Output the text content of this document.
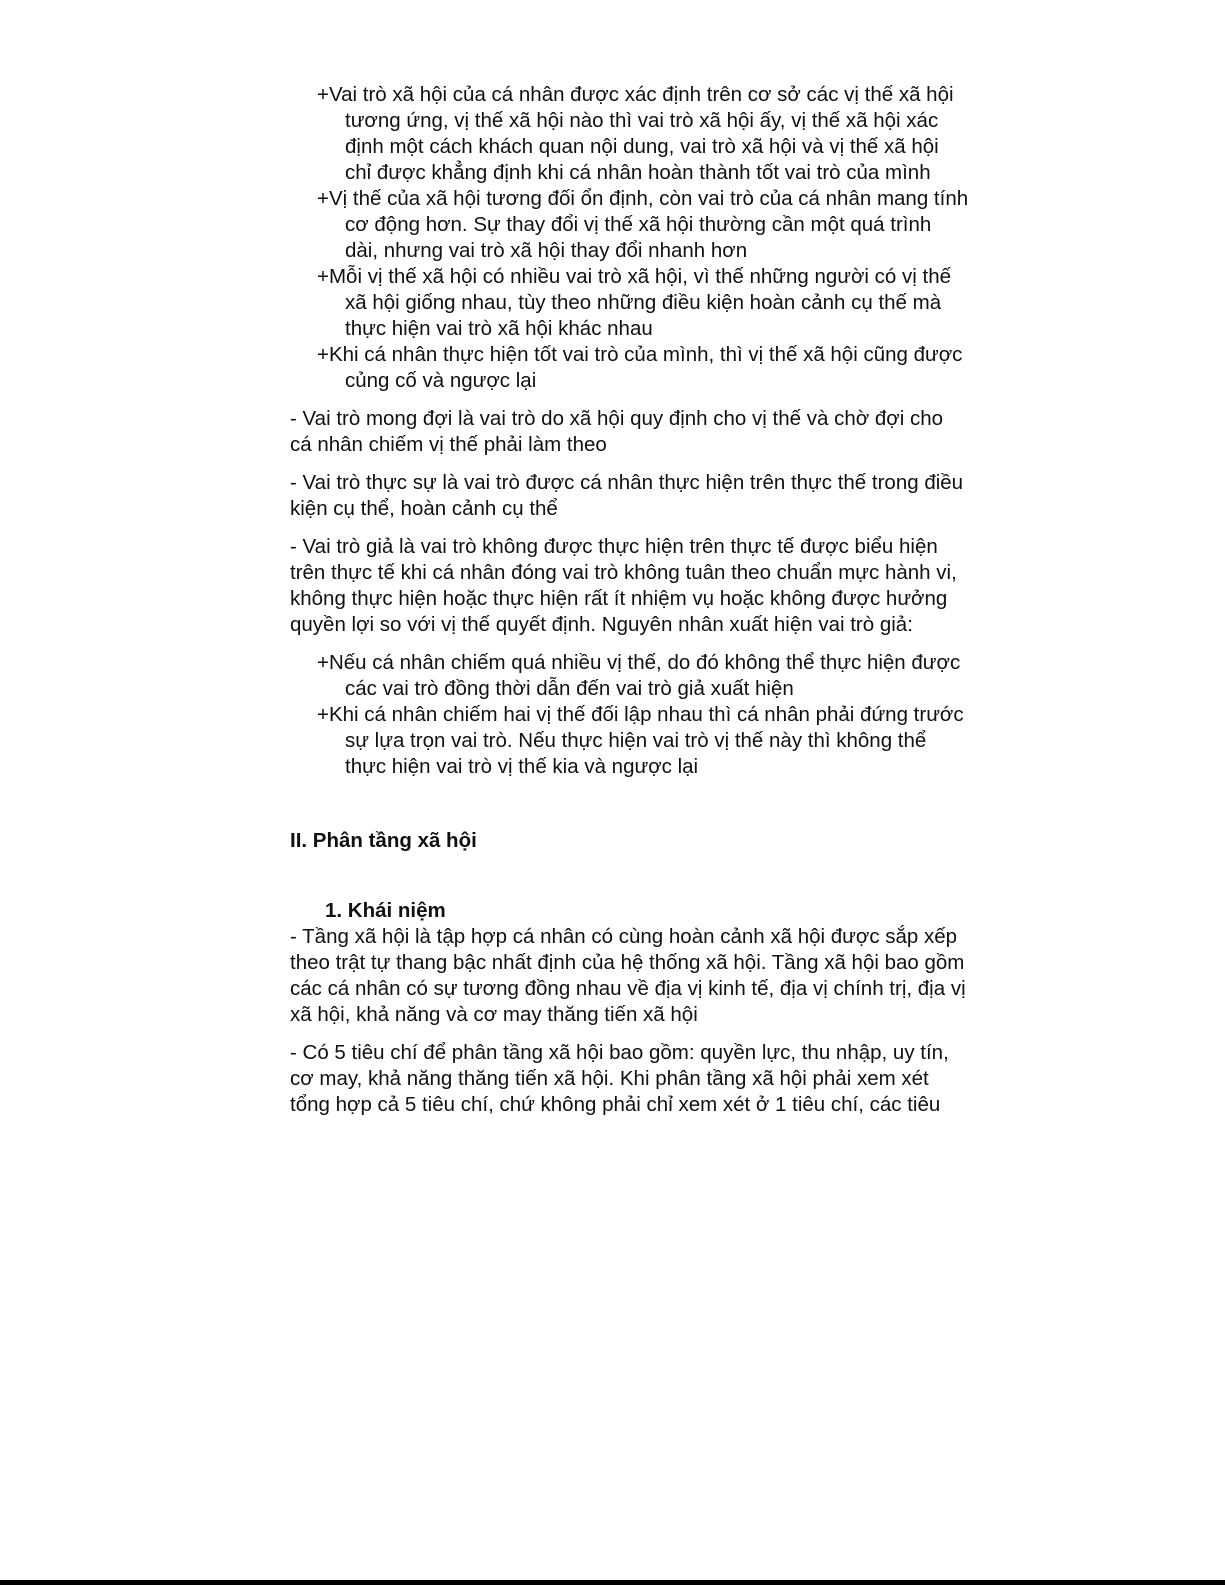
+Vai trò xã hội của cá nhân được xác định trên cơ sở các vị thế xã hội tương ứng, vị thế xã hội nào thì vai trò xã hội ấy, vị thế xã hội xác định một cách khách quan nội dung, vai trò xã hội và vị thế xã hội chỉ được khẳng định khi cá nhân hoàn thành tốt vai trò của mình

+Vị thế của xã hội tương đối ổn định, còn vai trò của cá nhân mang tính cơ động hơn. Sự thay đổi vị thế xã hội thường cần một quá trình dài, nhưng vai trò xã hội thay đổi nhanh hơn

+Mỗi vị thế xã hội có nhiều vai trò xã hội, vì thế những người có vị thế xã hội giống nhau, tùy theo những điều kiện hoàn cảnh cụ thế mà thực hiện vai trò xã hội khác nhau

+Khi cá nhân thực hiện tốt vai trò của mình, thì vị thế xã hội cũng được củng cố và ngược lại

- Vai trò mong đợi là vai trò do xã hội quy định cho vị thế và chờ đợi cho cá nhân chiếm vị thế phải làm theo

- Vai trò thực sự là vai trò được cá nhân thực hiện trên thực thế trong điều kiện cụ thể, hoàn cảnh cụ thể

- Vai trò giả là vai trò không được thực hiện trên thực tế được biểu hiện trên thực tế khi cá nhân đóng vai trò không tuân theo chuẩn mực hành vi, không thực hiện hoặc thực hiện rất ít nhiệm vụ hoặc không được hưởng quyền lợi so với vị thế quyết định. Nguyên nhân xuất hiện vai trò giả:

+Nếu cá nhân chiếm quá nhiều vị thế, do đó không thể thực hiện được các vai trò đồng thời dẫn đến vai trò giả xuất hiện

+Khi cá nhân chiếm hai vị thế đối lập nhau thì cá nhân phải đứng trước sự lựa trọn vai trò. Nếu thực hiện vai trò vị thế này thì không thể thực hiện vai trò vị thế kia và ngược lại

II. Phân tầng xã hội

1. Khái niệm

- Tầng xã hội là tập hợp cá nhân có cùng hoàn cảnh xã hội được sắp xếp theo trật tự thang bậc nhất định của hệ thống xã hội. Tầng xã hội bao gồm các cá nhân có sự tương đồng nhau về địa vị kinh tế, địa vị chính trị, địa vị xã hội, khả năng và cơ may thăng tiến xã hội

- Có 5 tiêu chí để phân tầng xã hội bao gồm: quyền lực, thu nhập, uy tín, cơ may, khả năng thăng tiến xã hội. Khi phân tầng xã hội phải xem xét tổng hợp cả 5 tiêu chí, chứ không phải chỉ xem xét ở 1 tiêu chí, các tiêu
